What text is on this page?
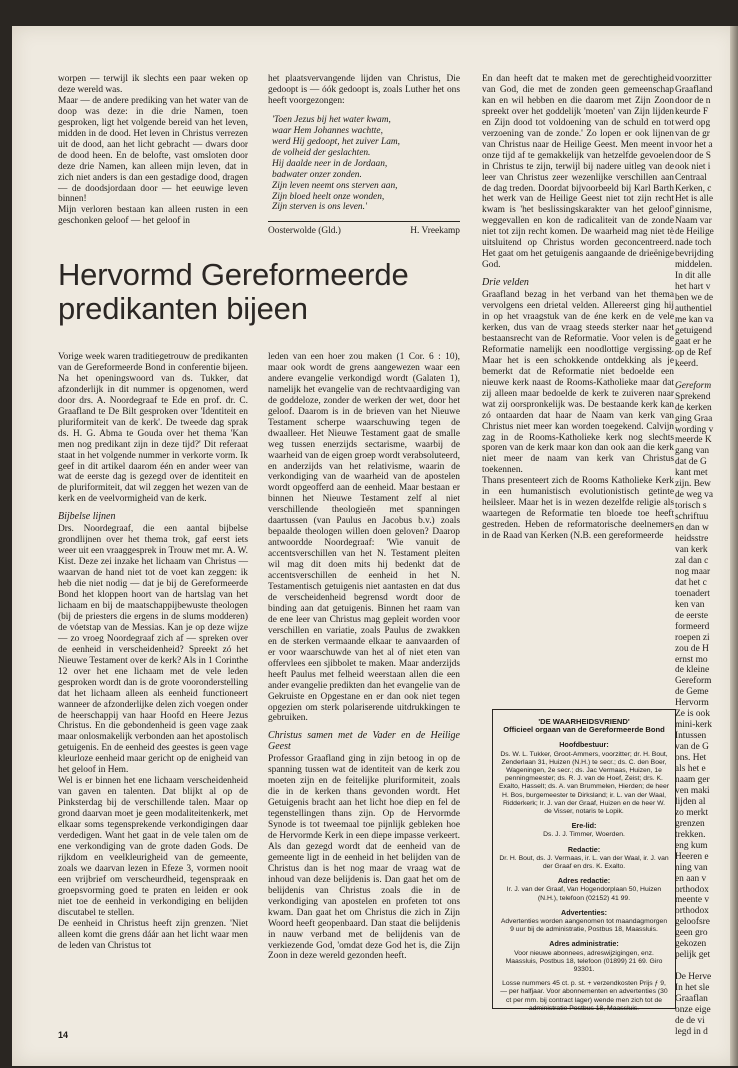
worpen — terwijl ik slechts een paar weken op deze wereld was.

Maar — de andere prediking van het water van de doop was deze: in die drie Namen, toen gesproken, ligt het volgende bereid van het leven, midden in de dood. Het leven in Christus verrezen uit de dood, aan het licht gebracht — dwars door de dood heen. En de belofte, vast omsloten door deze drie Namen, kan alleen mijn leven, dat in zich niet anders is dan een gestadige dood, dragen — de doodsjordaan door — het eeuwige leven binnen!

Mijn verloren bestaan kan alleen rusten in een geschonken geloof — het geloof in

het plaatsvervangende lijden van Christus, Die gedoopt is — óók gedoopt is, zoals Luther het ons heeft voorgezongen:

'Toen Jezus bij het water kwam,
waar Hem Johannes wachtte,
werd Hij gedoopt, het zuiver Lam,
de volheid der geslachten.
Hij daalde neer in de Jordaan,
badwater onzer zonden.
Zijn leven neemt ons sterven aan,
Zijn bloed heelt onze wonden,
Zijn sterven is ons leven.'
Oosterwolde (Gld.)	H. Vreekamp
Hervormd Gereformeerde
predikanten bijeen

Vorige week waren traditiegetrouw de predikanten van de Gereformeerde Bond in conferentie bijeen. Na het openingswoord van ds. Tukker, dat afzonderlijk in dit nummer is opgenomen, werd door drs. A. Noordegraaf te Ede en prof. dr. C. Graafland te De Bilt gesproken over 'Identiteit en pluriformiteit van de kerk'. De tweede dag sprak ds. H. G. Abma te Gouda over het thema 'Kan men nog predikant zijn in deze tijd?' Dit referaat staat in het volgende nummer in verkorte vorm. Ik geef in dit artikel daarom één en ander weer van wat de eerste dag is gezegd over de identiteit en de pluriformiteit, dat wil zeggen het wezen van de kerk en de veelvormigheid van de kerk.

Bijbelse lijnen

Drs. Noordegraaf, die een aantal bijbelse grondlijnen over het thema trok, gaf eerst iets weer uit een vraaggesprek in Trouw met mr. A. W. Kist. Deze zei inzake het lichaam van Christus — waarvan de hand niet tot de voet kan zeggen: ik heb die niet nodig — dat je bij de Gereformeerde Bond het kloppen hoort van de hartslag van het lichaam en bij de maatschappijbewuste theologen (bij de priesters die ergens in de slums modderen) de vóetstap van de Messias. Kan je op deze wijze — zo vroeg Noordegraaf zich af — spreken over de eenheid in verscheidenheid? Spreekt zó het Nieuwe Testament over de kerk? Als in 1 Corinthe 12 over het ene lichaam met de vele leden gesproken wordt dan is de grote vooronderstelling dat het lichaam alleen als eenheid functioneert wanneer de afzonderlijke delen zich voegen onder de heerschappij van haar Hoofd en Heere Jezus Christus. En die gebondenheid is geen vage zaak maar onlosmakelijk verbonden aan het apostolisch getuigenis. En de eenheid des geestes is geen vage kleurloze eenheid maar gericht op de enigheid van het geloof in Hem.

Wel is er binnen het ene lichaam verscheidenheid van gaven en talenten. Dat blijkt al op de Pinksterdag bij de verschillende talen. Maar op grond daarvan moet je geen modaliteitenkerk, met elkaar soms tegensprekende verkondigingen daar verdedigen. Want het gaat in de vele talen om de ene verkondiging van de grote daden Gods. De rijkdom en veelkleurigheid van de gemeente, zoals we daarvan lezen in Efeze 3, vormen nooit een vrijbrief om verscheurdheid, tegenspraak en groepsvorming goed te praten en leiden er ook niet toe de eenheid in verkondiging en belijden discutabel te stellen.

De eenheid in Christus heeft zijn grenzen. 'Niet alleen komt die grens dáár aan het licht waar men de leden van Christus tot

leden van een hoer zou maken (1 Cor. 6 : 10), maar ook wordt de grens aangewezen waar een andere evangelie verkondigd wordt (Galaten 1), namelijk het evangelie van de rechtvaardiging van de goddeloze, zonder de werken der wet, door het geloof. Daarom is in de brieven van het Nieuwe Testament scherpe waarschuwing tegen de dwaalleer. Het Nieuwe Testament gaat de smalle weg tussen enerzijds sectarisme, waarbij de waarheid van de eigen groep wordt verabsoluteerd, en anderzijds van het relativisme, waarin de verkondiging van de waarheid van de apostelen wordt opgeofferd aan de eenheid. Maar bestaan er binnen het Nieuwe Testament zelf al niet verschillende theologieën met spanningen daartussen (van Paulus en Jacobus b.v.) zoals bepaalde theologen willen doen geloven? Daarop antwoordde Noordegraaf: 'Wie vanuit de accentsverschillen van het N. Testament pleiten wil mag dit doen mits hij bedenkt dat de accentsverschillen de eenheid in het N. Testamentisch getuigenis niet aantasten en dat dus de verscheidenheid begrensd wordt door de binding aan dat getuigenis. Binnen het raam van de ene leer van Christus mag gepleit worden voor verschillen en variatie, zoals Paulus de zwakken en de sterken vermaande elkaar te aanvaarden of er voor waarschuwde van het al of niet eten van offervlees een sjibbolet te maken. Maar anderzijds heeft Paulus met felheid weerstaan allen die een ander evangelie predikten dan het evangelie van de Gekruiste en Opgestane en er dan ook niet tegen opgezien om sterk polariserende uitdrukkingen te gebruiken.

Christus samen met de Vader en de Heilige Geest

Professor Graafland ging in zijn betoog in op de spanning tussen wat de identiteit van de kerk zou moeten zijn en de feitelijke pluriformiteit, zoals die in de kerken thans gevonden wordt. Het Getuigenis bracht aan het licht hoe diep en fel de tegenstellingen thans zijn. Op de Hervormde Synode is tot tweemaal toe pijnlijk gebleken hoe de Hervormde Kerk in een diepe impasse verkeert. Als dan gezegd wordt dat de eenheid van de gemeente ligt in de eenheid in het belijden van de Christus dan is het nog maar de vraag wat de inhoud van deze belijdenis is. Dan gaat het om de belijdenis van Christus zoals die in de verkondiging van apostelen en profeten tot ons kwam. Dan gaat het om Christus die zich in Zijn Woord heeft geopenbaard. Dan staat die belijdenis in nauw verband met de belijdenis van de verkiezende God, 'omdat deze God het is, die Zijn Zoon in deze wereld gezonden heeft.

En dan heeft dat te maken met de gerechtigheid van God, die met de zonden geen gemeenschap kan en wil hebben en die daarom met Zijn Zoon spreekt over het goddelijk 'moeten' van Zijn lijden en Zijn dood tot voldoening van de schuld en tot verzoening van de zonde.' Zo lopen er ook lijnen van Christus naar de Heilige Geest. Men meent in onze tijd af te gemakkelijk van hetzelfde gevoelen in Christus te zijn, terwijl bij nadere uitleg van de leer van Christus zeer wezenlijke verschillen aan de dag treden. Doordat bijvoorbeeld bij Karl Barth het werk van de Heilige Geest niet tot zijn recht kwam is 'het beslissingskarakter van het geloof' weggevallen en kon de radicaliteit van de zonde niet tot zijn recht komen. De waarheid mag niet tè uitsluitend op Christus worden geconcentreerd. Het gaat om het getuigenis aangaande de drieënige God.

Drie velden

Graafland bezag in het verband van het thema vervolgens een drietal velden. Allereerst ging hij in op het vraagstuk van de éne kerk en de vele kerken, dus van de vraag steeds sterker naar het bestaansrecht van de Reformatie. Voor velen is de Reformatie namelijk een noodlottige vergissing. Maar het is een schokkende ontdekking als je bemerkt dat de Reformatie niet bedoelde een nieuwe kerk naast de Rooms-Katholieke maar dat zij alleen maar bedoelde de kerk te zuiveren naar wat zij oorspronkelijk was. De bestaande kerk kan zó ontaarden dat haar de Naam van kerk van Christus niet meer kan worden toegekend. Calvijn zag in de Rooms-Katholieke kerk nog slechts sporen van de kerk maar kon dan ook aan die kerk niet meer de naam van kerk van Christus toekennen.

Thans presenteert zich de Rooms Katholieke Kerk in een humanistisch evolutionistisch getinte heilsleer. Maar het is in wezen dezelfde religie als waartegen de Reformatie ten bloede toe heeft gestreden. Heben de reformatorische deelnemers in de Raad van Kerken (N.B. een gereformeerde

'DE WAARHEIDSVRIEND'
Officieel orgaan van de Gereformeerde Bond
Hoofdbestuur:
Ds. W. L. Tukker, Groot-Ammers, voorzitter; dr. H. Bout, Zenderlaan 31, Huizen (N.H.) te secr.; ds. C. den Boer, Wageningen, 2e secr.; ds. Jac Vermaas, Huizen, 1e penningmeester; ds. R. J. van de Hoef, Zeist; drs. K. Exalto, Hasselt; ds. A. van Brummelen, Hierden; de heer H. Bos, burgemeester te Dirksland; ir. L. van der Waal, Ridderkerk; Ir. J. van der Graaf, Huizen en de heer W. de Visser, notaris te Lopik.
Ere-lid:
Ds. J. J. Timmer, Woerden.
Redactie:
Dr. H. Bout, ds. J. Vermaas, ir. L. van der Waal, ir. J. van der Graaf en drs. K. Exalto.
Adres redactie:
Ir. J. van der Graaf, Van Hogendorplaan 50, Huizen (N.H.), telefoon (02152) 41 99.
Advertenties:
Advertenties worden aangenomen tot maandagmorgen 9 uur bij de administratie, Postbus 18, Maassluis.
Adres administratie:
Voor nieuwe abonnees, adreswijzigingen, enz. Maassluis, Postbus 18, telefoon (01899) 21 69. Giro 93301.
Losse nummers 45 ct. p. st. + verzendkosten Prijs ƒ 9,— per halfjaar. Voor abonnementen en advertenties (30 ct per mm. bij contract lager) wende men zich tot de administratie Postbus 18, Maassluis.
voorzitter
Graafland
door de n
keurde F
werd opg
van de gr
voor het a
door de S
ook niet i
Centraal
Kerken, c
Het is alle
ginnisme,
Naam var
de Heilige
nade toch
bevrijding
middelen.
In dit alle
het hart v
ben we de
authentiel
me kan va
getuigend
gaat er he
op de Ref
keerd.

Gereform
Sprekend
de kerken
ging Graa
wording v
meerde K
gang van
dat de G
kant met
zijn. Bew
de weg va
torisch s
schriftuu
en dan w
heidsstre
van kerk
zal dan c
nog maar
dat het c
toenadert
ken van
de eerste
formeerd
roepen zi
zou de H
ernst mo
de kleine
Gereform
de Geme
Hervorm
Ze is ook
mini-kerk
Intussen
van de G
ons. Het
als het e
naam ger
ven maki
lijden al
zo merkt
grenzen
trekken.
eng kum
Heeren e
ning van
en aan v
orthodox
meente v
orthodox
geloofsre
geen gro
gekozen
pelijk get

De Herve
In het sle
Graaflan
onze eige
de de vi
legd in d
14
